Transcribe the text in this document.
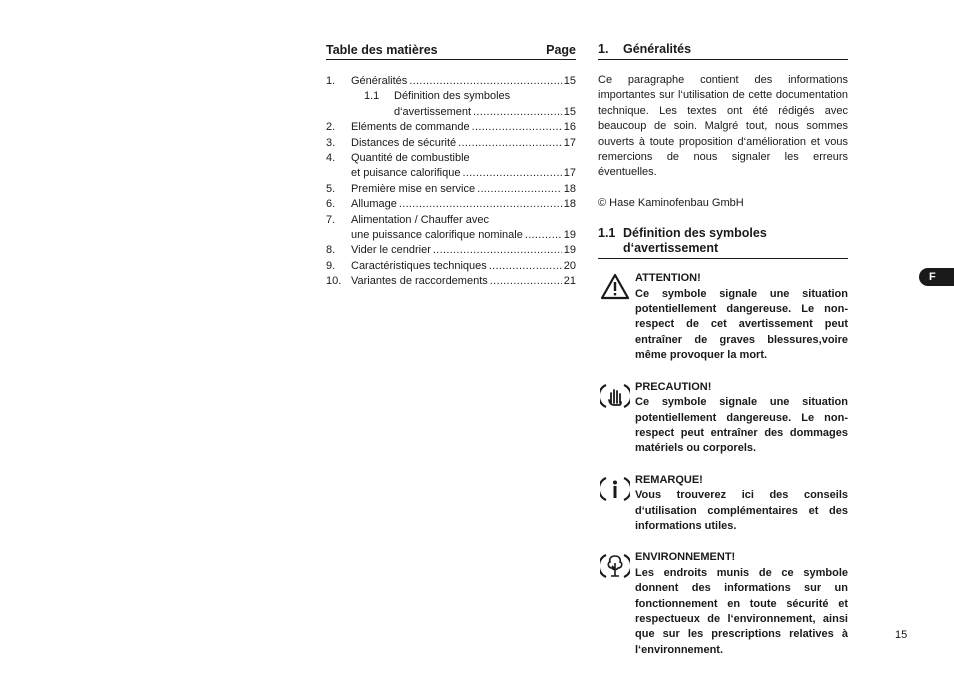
Table des matières	Page
1.	Généralités .....	15
1.1	Définition des symboles
d‘avertissement .....	15
2.	Eléments de commande .....	16
3.	Distances de sécurité .....	17
4.	Quantité de combustible
et puisance calorifique .....	17
5.	Première mise en service .....	18
6.	Allumage .....	18
7.	Alimentation / Chauffer avec
une puissance calorifique nominale .....	19
8.	Vider le cendrier .....	19
9.	Caractéristiques techniques .....	20
10. Variantes de raccordements .....	21
1.	Généralités
Ce paragraphe contient des informations importantes sur l‘utilisation de cette documentation technique. Les textes ont été rédigés avec beaucoup de soin. Malgré tout, nous sommes ouverts à toute proposition d‘amélioration et vous remercions de nous signaler les erreurs éventuelles.
© Hase Kaminofenbau GmbH
1.1 Définition des symboles
d‘avertissement
ATTENTION!
Ce symbole signale une situation potentiellement dangereuse. Le non-respect de cet avertissement peut entraîner de graves blessures,voire même provoquer la mort.
PRECAUTION!
Ce symbole signale une situation potentiellement dangereuse. Le non-respect peut entraîner des dommages matériels ou corporels.
REMARQUE!
Vous trouverez ici des conseils d‘utilisation complémentaires et des informations utiles.
ENVIRONNEMENT!
Les endroits munis de ce symbole donnent des informations sur un fonctionnement en toute sécurité et respectueux de l‘environnement, ainsi que sur les prescriptions relatives à l‘environnement.
F
15
